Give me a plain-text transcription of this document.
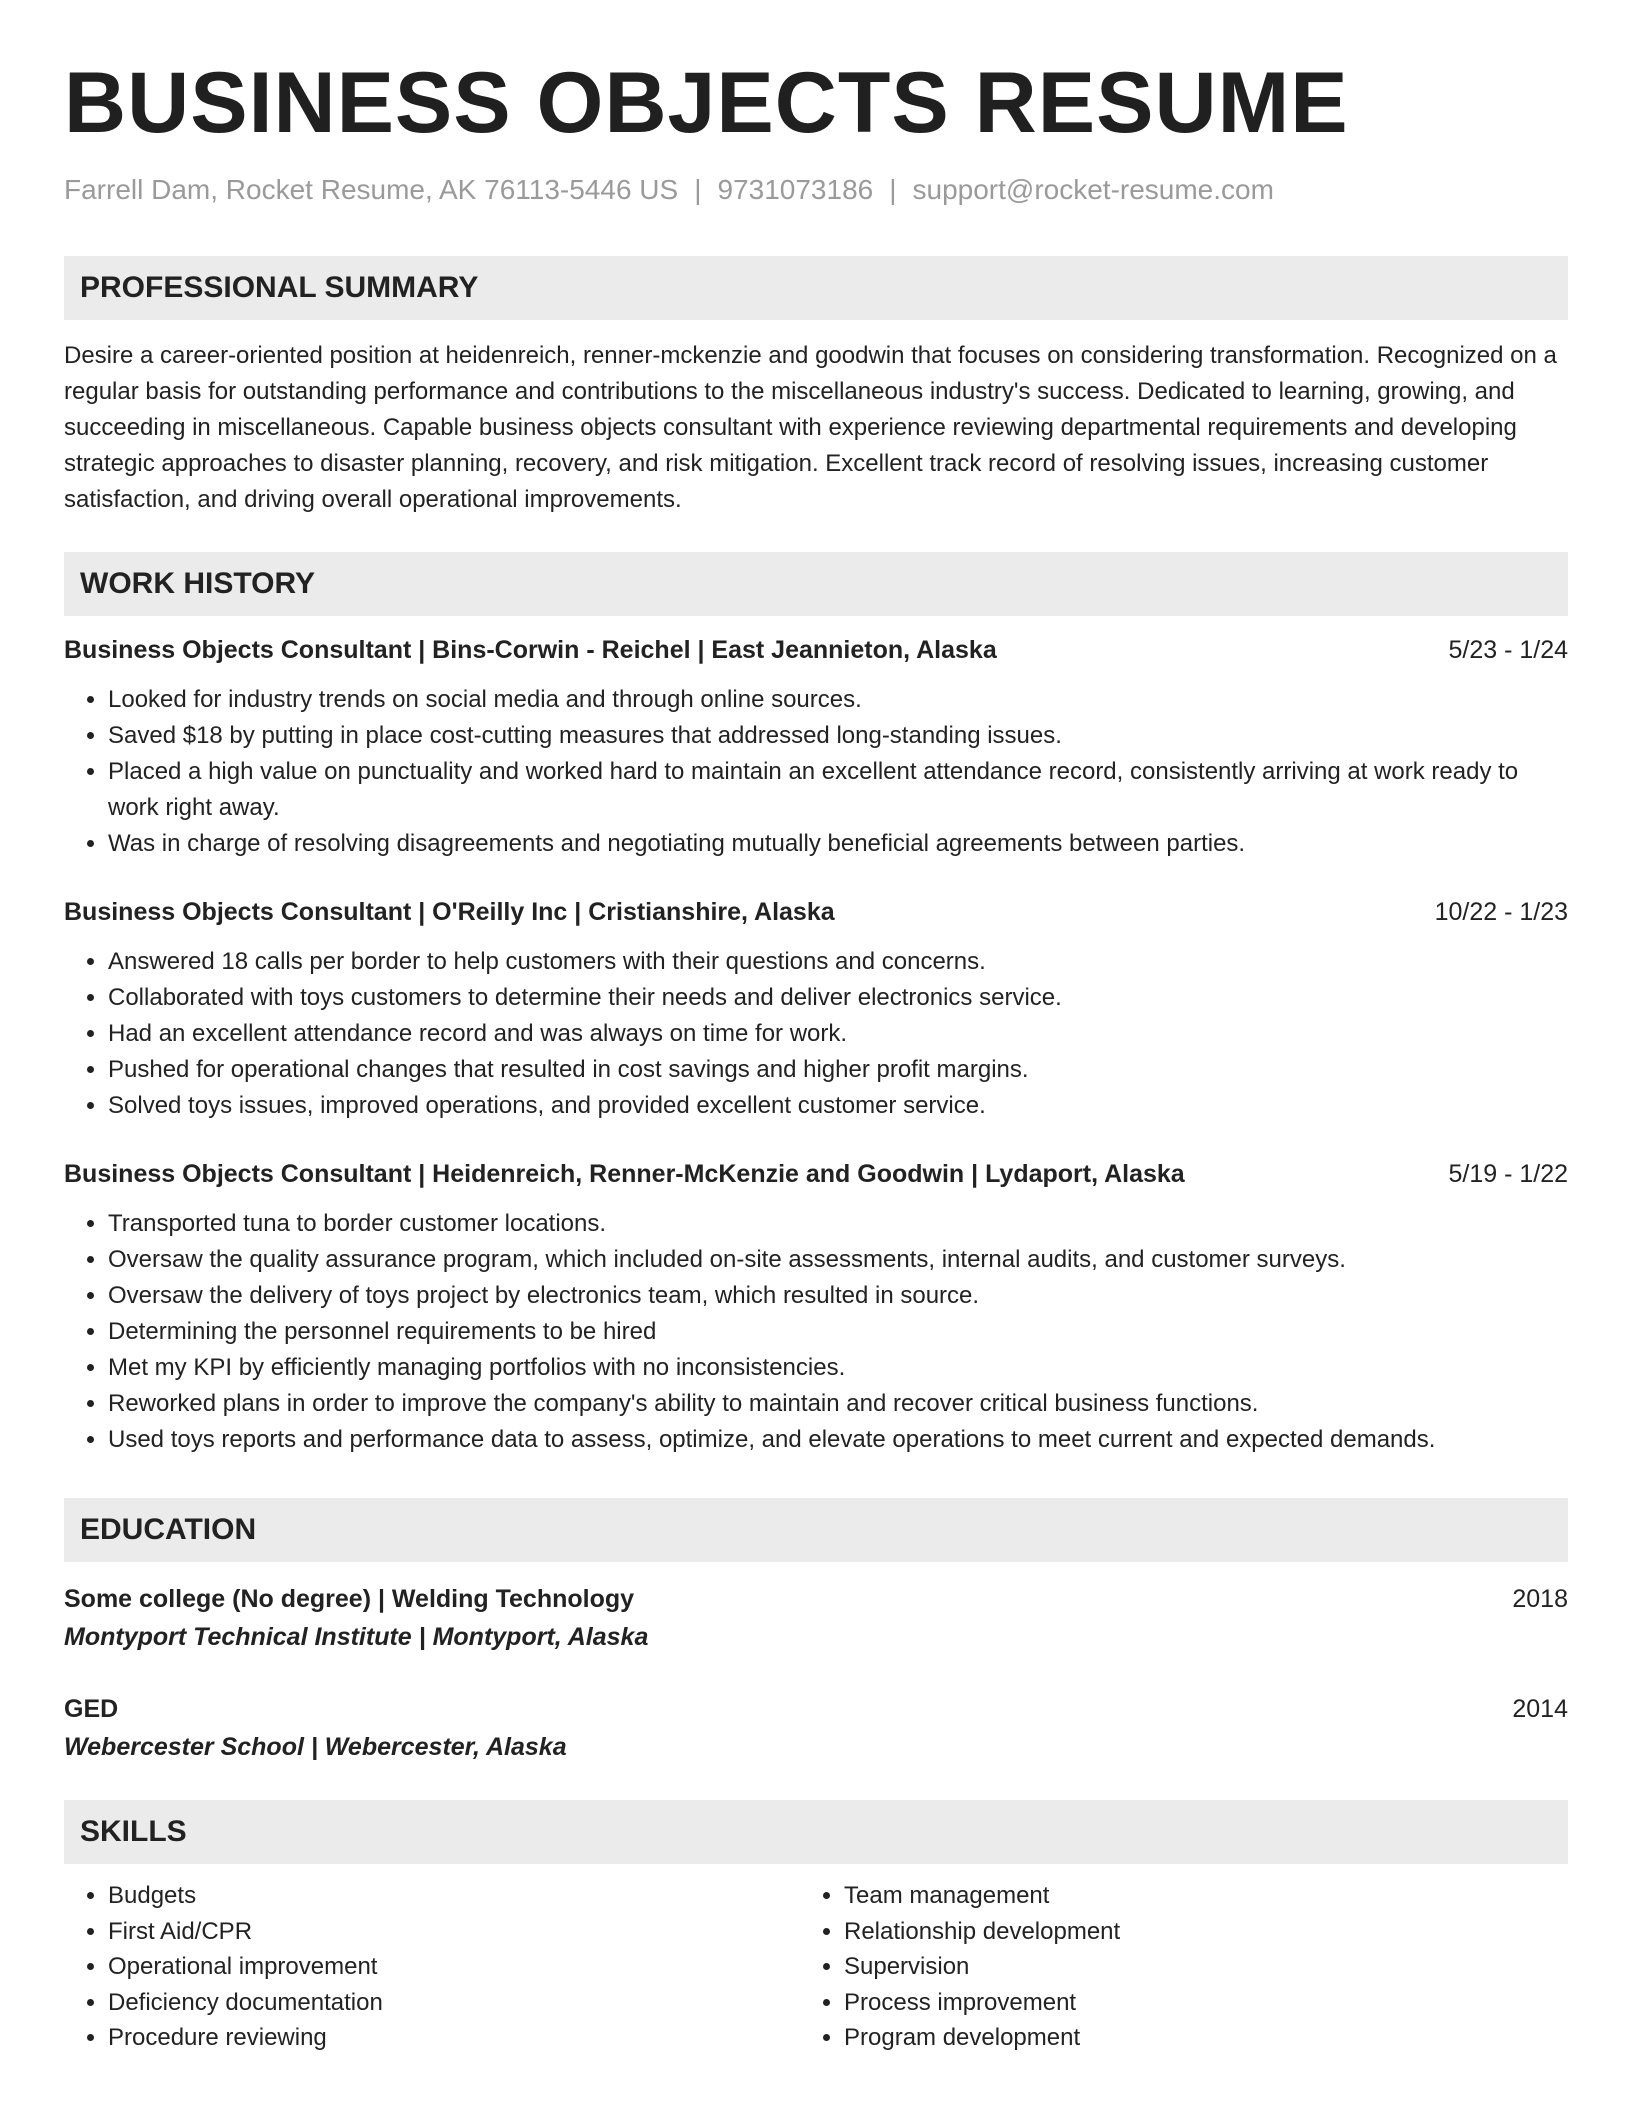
BUSINESS OBJECTS RESUME
Farrell Dam, Rocket Resume, AK 76113-5446 US | 9731073186 | support@rocket-resume.com
PROFESSIONAL SUMMARY
Desire a career-oriented position at heidenreich, renner-mckenzie and goodwin that focuses on considering transformation. Recognized on a regular basis for outstanding performance and contributions to the miscellaneous industry's success. Dedicated to learning, growing, and succeeding in miscellaneous. Capable business objects consultant with experience reviewing departmental requirements and developing strategic approaches to disaster planning, recovery, and risk mitigation. Excellent track record of resolving issues, increasing customer satisfaction, and driving overall operational improvements.
WORK HISTORY
Business Objects Consultant | Bins-Corwin - Reichel | East Jeannieton, Alaska	5/23 - 1/24
• Looked for industry trends on social media and through online sources.
• Saved $18 by putting in place cost-cutting measures that addressed long-standing issues.
• Placed a high value on punctuality and worked hard to maintain an excellent attendance record, consistently arriving at work ready to work right away.
• Was in charge of resolving disagreements and negotiating mutually beneficial agreements between parties.
Business Objects Consultant | O'Reilly Inc | Cristianshire, Alaska	10/22 - 1/23
• Answered 18 calls per border to help customers with their questions and concerns.
• Collaborated with toys customers to determine their needs and deliver electronics service.
• Had an excellent attendance record and was always on time for work.
• Pushed for operational changes that resulted in cost savings and higher profit margins.
• Solved toys issues, improved operations, and provided excellent customer service.
Business Objects Consultant | Heidenreich, Renner-McKenzie and Goodwin | Lydaport, Alaska	5/19 - 1/22
• Transported tuna to border customer locations.
• Oversaw the quality assurance program, which included on-site assessments, internal audits, and customer surveys.
• Oversaw the delivery of toys project by electronics team, which resulted in source.
• Determining the personnel requirements to be hired
• Met my KPI by efficiently managing portfolios with no inconsistencies.
• Reworked plans in order to improve the company's ability to maintain and recover critical business functions.
• Used toys reports and performance data to assess, optimize, and elevate operations to meet current and expected demands.
EDUCATION
Some college (No degree) | Welding Technology	2018
Montyport Technical Institute | Montyport, Alaska
GED	2014
Webercester School | Webercester, Alaska
SKILLS
• Budgets
• First Aid/CPR
• Operational improvement
• Deficiency documentation
• Procedure reviewing
• Team management
• Relationship development
• Supervision
• Process improvement
• Program development
